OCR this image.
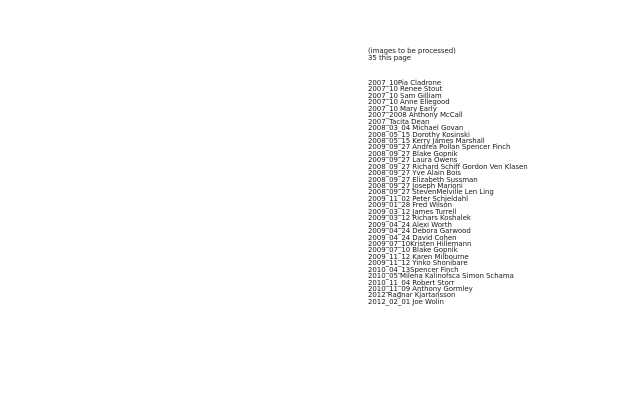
(images to be processed)
35 this page
2007_10Pia Cladrone
2007_10 Renee Stout
2007_10 Sam Gilliam
2007_10 Anne Ellegood
2007_10 Mary Early
2007_2008 Anthony McCall
2007_Tacita Dean
2008_03_04 Michael Govan
2008_05_15 Dorothy Kosinski
2008_05_15 Kerry James Marshall
2009_09_27 Andrea Pollan Spencer Finch
2008_09_27 Blake Gopnik
2009_09_27 Laura Owens
2008_09_27 Richard Schiff Gordon Ven Klasen
2008_09_27 Yve Alain Bois
2008_09_27 Elizabeth Sussman
2008_09_27 Joseph Marioni
2008_09_27 StevenMelville Len Ling
2009_11_02 Peter Schjeldahl
2009_01_28 Fred Wilson
2009_03_12 James Turrell
2009_03_12 Richars Koshalek
2009_04_24 Alexi Worth
2009_04_24 Debora Garwood
2009_04_24 David Cohen
2009_07_10Kristen Hillemann
2009_07_10 Blake Gopnik
2009_11_12 Karen Milbourne
2009_11_12 Yinko Shonibare
2010_04_13Spencer Finch
2010_05 Milena Kalinofsca Simon Schama
2010_11_04 Robert Storr
2010_11_09 Anthony Gormley
2012 Ragnar Kjartansson
2012_02_01 Joe Wolin
